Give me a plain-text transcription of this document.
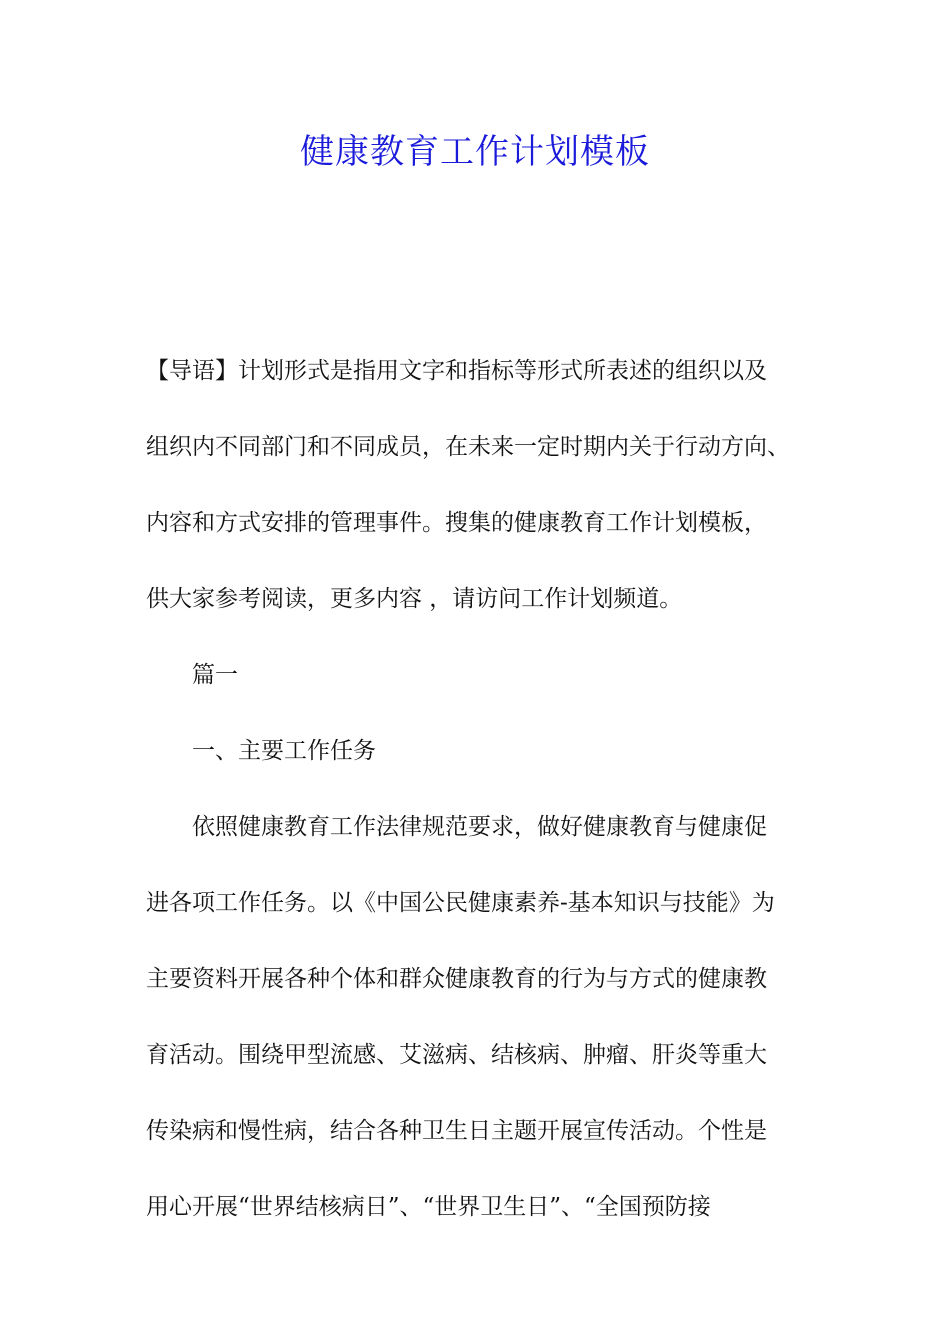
健康教育工作计划模板
【导语】计划形式是指用文字和指标等形式所表述的组织以及
组织内不同部门和不同成员，在未来一定时期内关于行动方向、
内容和方式安排的管理事件。搜集的健康教育工作计划模板，
供大家参考阅读，更多内容 ，请访问工作计划频道。
篇一
一、主要工作任务
依照健康教育工作法律规范要求，做好健康教育与健康促
进各项工作任务。以《中国公民健康素养-基本知识与技能》为
主要资料开展各种个体和群众健康教育的行为与方式的健康教
育活动。围绕甲型流感、艾滋病、结核病、肿瘤、肝炎等重大
传染病和慢性病，结合各种卫生日主题开展宣传活动。个性是
用心开展“世界结核病日”、“世界卫生日”、“全国预防接
